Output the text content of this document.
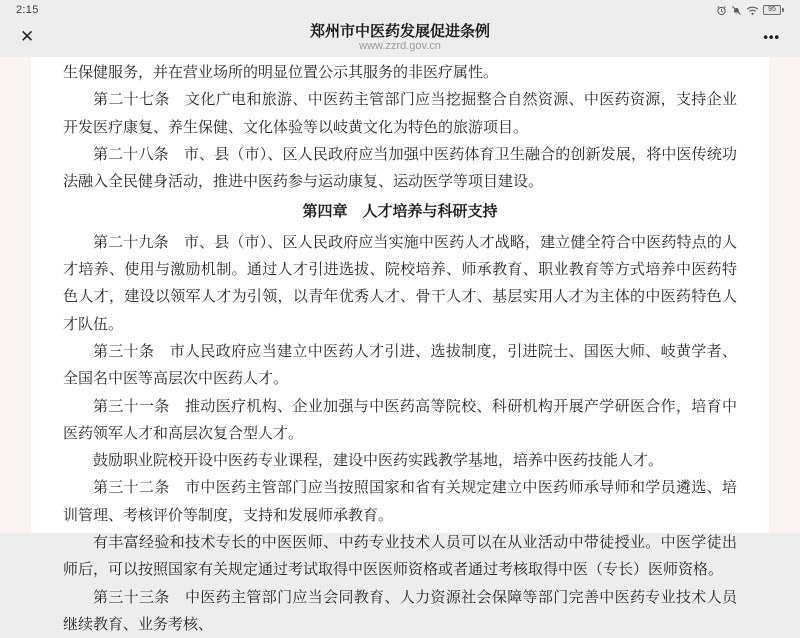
2:15	95
✕	郑州市中医药发展促进条例
www.zzrd.gov.cn
•••

生保健服务，并在营业场所的明显位置公示其服务的非医疗属性。

第二十七条　文化广电和旅游、中医药主管部门应当挖掘整合自然资源、中医药资源，支持企业开发医疗康复、养生保健、文化体验等以岐黄文化为特色的旅游项目。

第二十八条　市、县（市）、区人民政府应当加强中医药体育卫生融合的创新发展，将中医传统功法融入全民健身活动，推进中医药参与运动康复、运动医学等项目建设。

第四章　人才培养与科研支持

第二十九条　市、县（市）、区人民政府应当实施中医药人才战略，建立健全符合中医药特点的人才培养、使用与激励机制。通过人才引进选拔、院校培养、师承教育、职业教育等方式培养中医药特色人才，建设以领军人才为引领，以青年优秀人才、骨干人才、基层实用人才为主体的中医药特色人才队伍。

第三十条　市人民政府应当建立中医药人才引进、选拔制度，引进院士、国医大师、岐黄学者、全国名中医等高层次中医药人才。

第三十一条　推动医疗机构、企业加强与中医药高等院校、科研机构开展产学研医合作，培育中医药领军人才和高层次复合型人才。

鼓励职业院校开设中医药专业课程，建设中医药实践教学基地，培养中医药技能人才。

第三十二条　市中医药主管部门应当按照国家和省有关规定建立中医药师承导师和学员遴选、培训管理、考核评价等制度，支持和发展师承教育。

有丰富经验和技术专长的中医医师、中药专业技术人员可以在从业活动中带徒授业。中医学徒出师后，可以按照国家有关规定通过考试取得中医医师资格或者通过考核取得中医（专长）医师资格。

第三十三条　中医药主管部门应当会同教育、人力资源社会保障等部门完善中医药专业技术人员继续教育、业务考核、
